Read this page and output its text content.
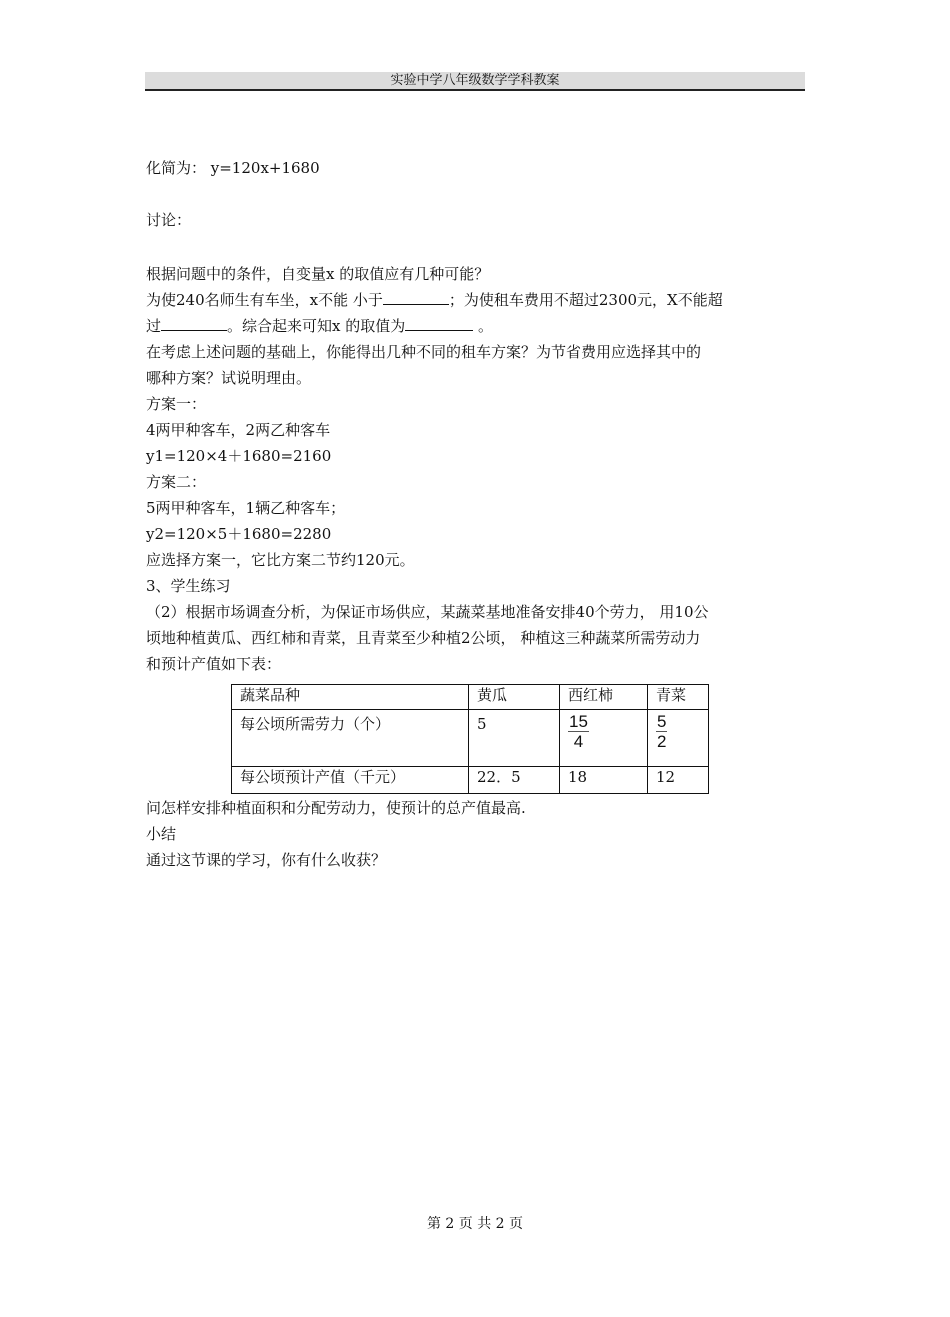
实验中学八年级数学学科教案
化简为： y=120x+1680
讨论：
根据问题中的条件，自变量x 的取值应有几种可能？
为使240名师生有车坐，x不能 小于	；为使租车费用不超过2300元，X不能超
过	。综合起来可知x 的取值为	。
在考虑上述问题的基础上，你能得出几种不同的租车方案？为节省费用应选择其中的
哪种方案？试说明理由。
方案一：
4两甲种客车，2两乙种客车
y1=120×4＋1680=2160
方案二：
5两甲种客车，1辆乙种客车；
y2=120×5＋1680=2280
应选择方案一，它比方案二节约120元。
3、学生练习
（2）根据市场调查分析，为保证市场供应，某蔬菜基地准备安排40个劳力， 用10公
顷地种植黄瓜、西红柿和青菜，且青菜至少种植2公顷， 种植这三种蔬菜所需劳动力
和预计产值如下表：
蔬菜品种	黄瓜	西红柿	青菜
每公顷所需劳力（个）	5	$\frac{15}{4}$	$\frac{5}{2}$

每公顷预计产值（千元）	22．5	18	12
问怎样安排种植面积和分配劳动力，使预计的总产值最高.
小结
通过这节课的学习，你有什么收获？
第 2 页 共 2 页
